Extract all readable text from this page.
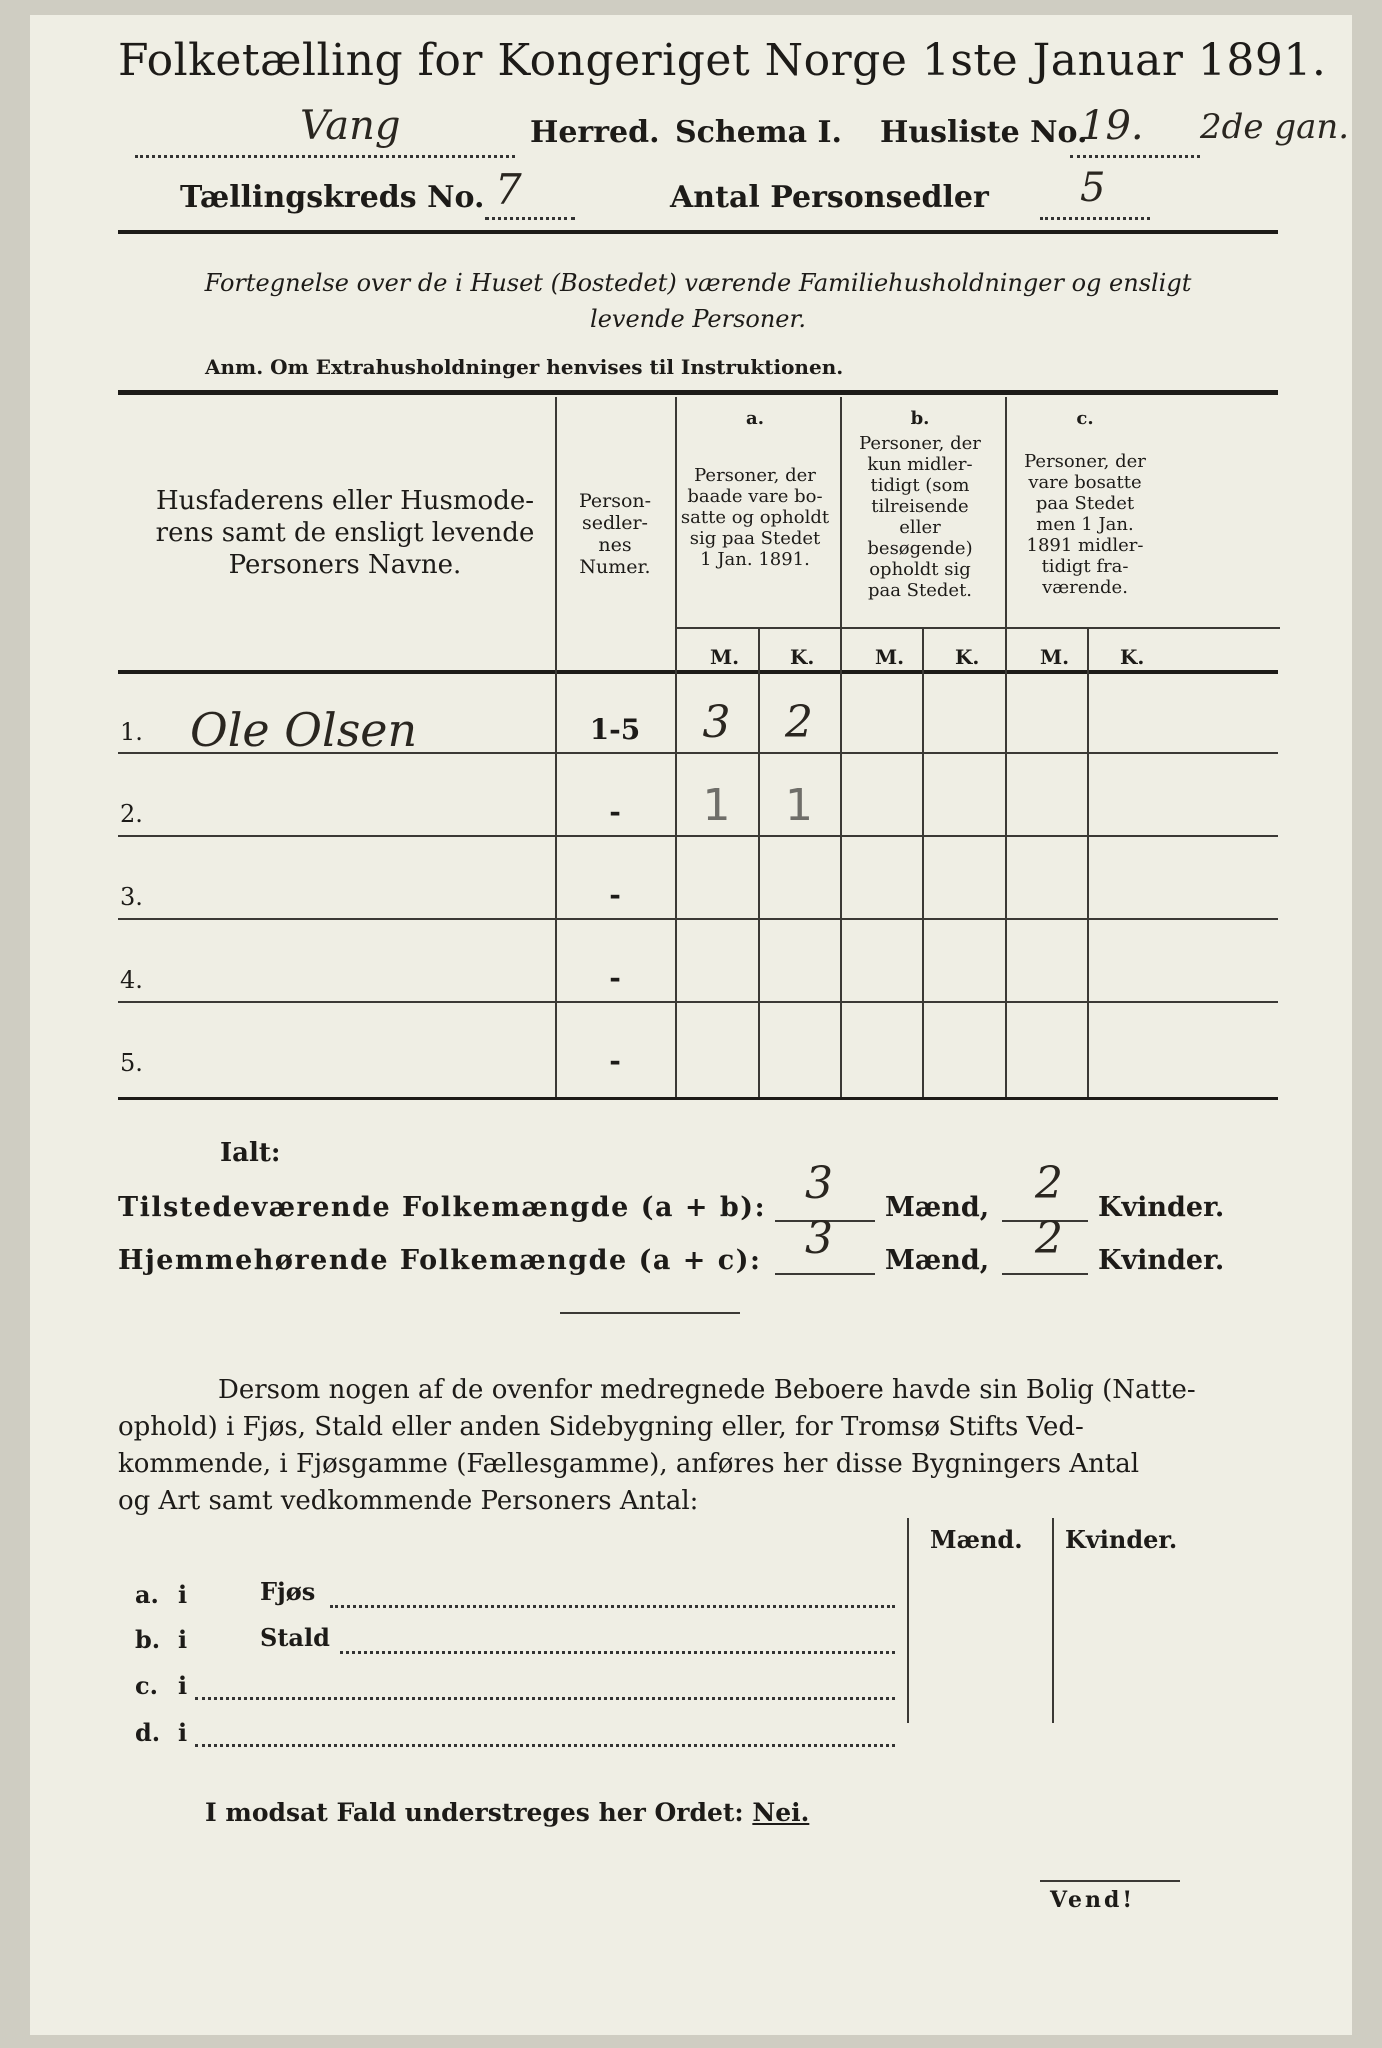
Folketælling for Kongeriget Norge 1ste Januar 1891.
Vang	Herred. Schema I. Husliste No.
19. 2de gan.
Tællingskreds No. 7	Antal Personsedler 5
Fortegnelse over de i Huset (Bostedet) værende Familiehusholdninger og ensligt
levende Personer.
Anm. Om Extrahusholdninger henvises til Instruktionen.
Husfaderens eller Husmode-
rens samt de ensligt levende
Personers Navne.
Person-
sedler-
nes
Numer.
a.
Personer, der
baade vare bo-
satte og opholdt
sig paa Stedet
1 Jan. 1891.
b.
Personer, der
kun midler-
tidigt (som
tilreisende
eller
besøgende)
opholdt sig
paa Stedet.
c.
Personer, der
vare bosatte
paa Stedet
men 1 Jan.
1891 midler-
tidigt fra-
værende.
M.	K.	M.	K.	M.	K.
1. Ole Olsen	1-5	3	2
2.	-	1	1
3.	-
4.	-
5.	-
Ialt:
Tilstedeværende Folkemængde (a + b): 3 Mænd, 2 Kvinder.
Hjemmehørende Folkemængde (a + c): 3 Mænd, 2 Kvinder.
Dersom nogen af de ovenfor medregnede Beboere havde sin Bolig (Natte-
ophold) i Fjøs, Stald eller anden Sidebygning eller, for Tromsø Stifts Ved-
kommende, i Fjøsgamme (Fællesgamme), anføres her disse Bygningers Antal
og Art samt vedkommende Personers Antal:
Mænd. Kvinder.
a. i	Fjøs
b. i	Stald
c. i
d. i
I modsat Fald understreges her Ordet: Nei.
Vend!
